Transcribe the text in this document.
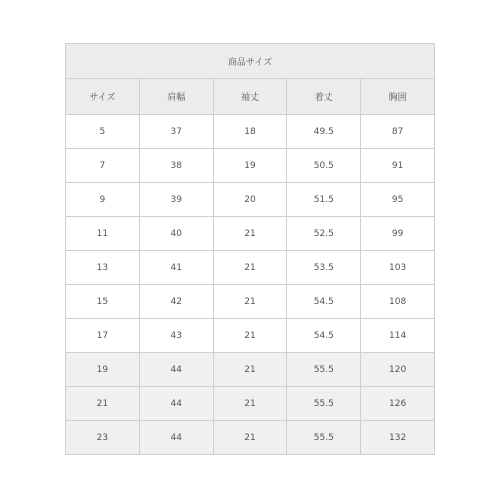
商品サイズ				
サイズ	肩幅	袖丈	着丈	胸囲
5	37	18	49.5	87
7	38	19	50.5	91
9	39	20	51.5	95
11	40	21	52.5	99
13	41	21	53.5	103
15	42	21	54.5	108
17	43	21	54.5	114
19	44	21	55.5	120
21	44	21	55.5	126
23	44	21	55.5	132
